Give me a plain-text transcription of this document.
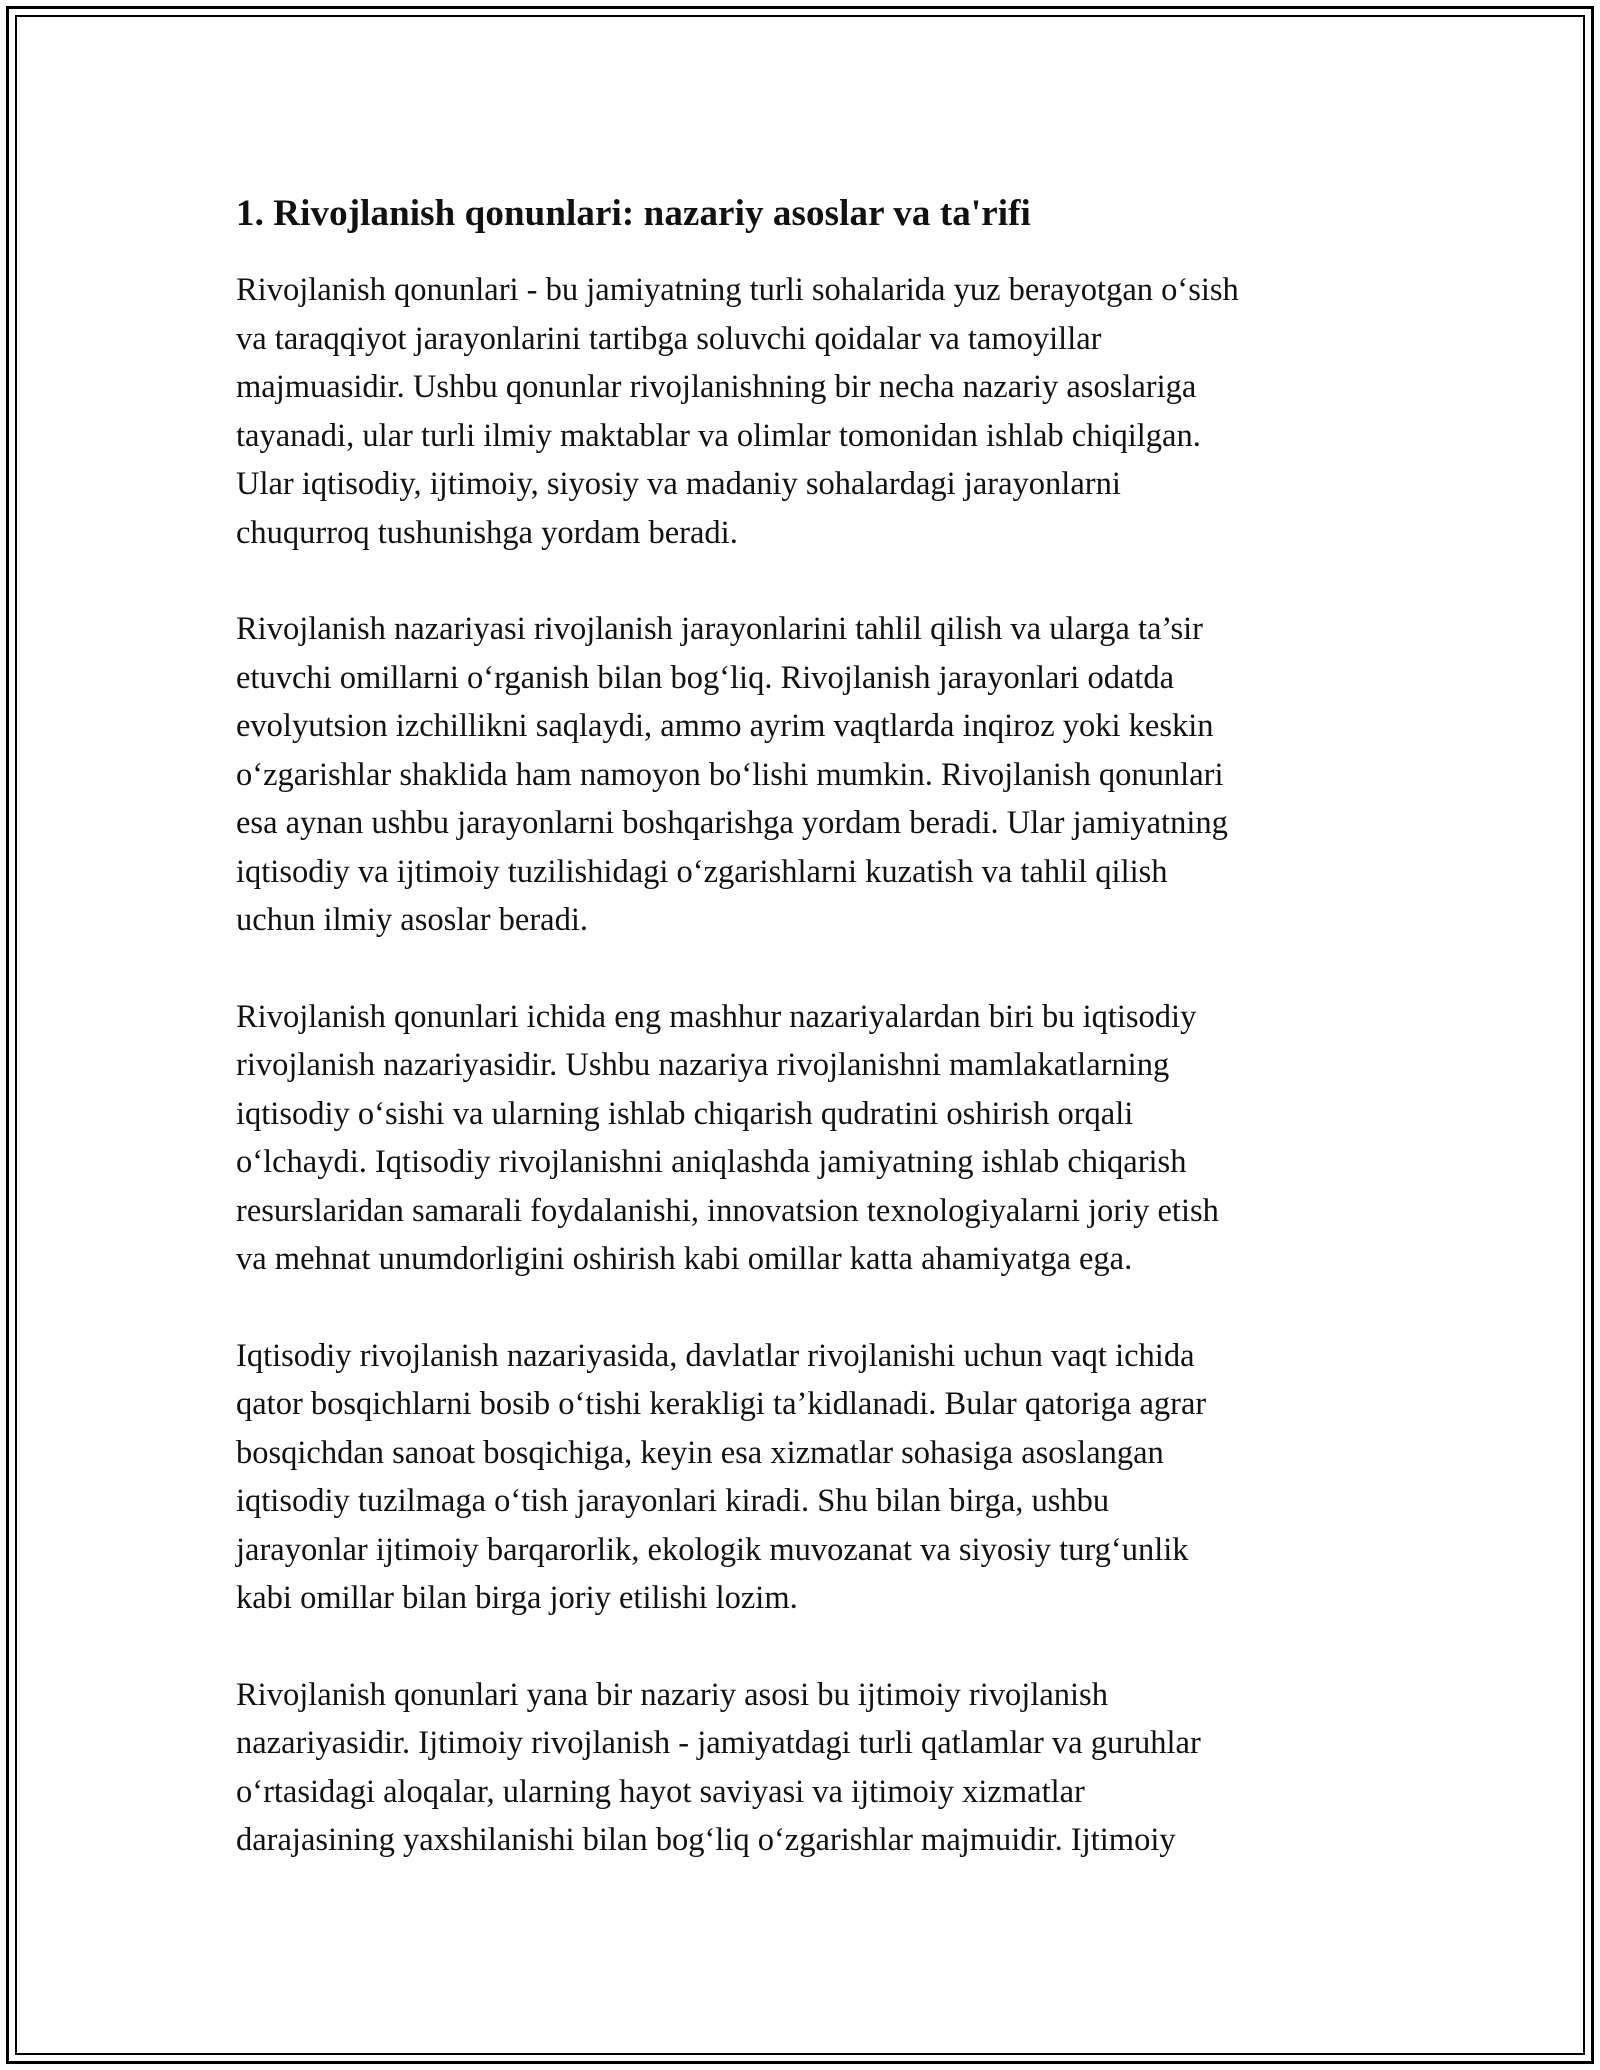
1. Rivojlanish qonunlari: nazariy asoslar va ta'rifi

Rivojlanish qonunlari - bu jamiyatning turli sohalarida yuz berayotgan o‘sish
va taraqqiyot jarayonlarini tartibga soluvchi qoidalar va tamoyillar
majmuasidir. Ushbu qonunlar rivojlanishning bir necha nazariy asoslariga
tayanadi, ular turli ilmiy maktablar va olimlar tomonidan ishlab chiqilgan.
Ular iqtisodiy, ijtimoiy, siyosiy va madaniy sohalardagi jarayonlarni
chuqurroq tushunishga yordam beradi.

Rivojlanish nazariyasi rivojlanish jarayonlarini tahlil qilish va ularga ta’sir
etuvchi omillarni o‘rganish bilan bog‘liq. Rivojlanish jarayonlari odatda
evolyutsion izchillikni saqlaydi, ammo ayrim vaqtlarda inqiroz yoki keskin
o‘zgarishlar shaklida ham namoyon bo‘lishi mumkin. Rivojlanish qonunlari
esa aynan ushbu jarayonlarni boshqarishga yordam beradi. Ular jamiyatning
iqtisodiy va ijtimoiy tuzilishidagi o‘zgarishlarni kuzatish va tahlil qilish
uchun ilmiy asoslar beradi.

Rivojlanish qonunlari ichida eng mashhur nazariyalardan biri bu iqtisodiy
rivojlanish nazariyasidir. Ushbu nazariya rivojlanishni mamlakatlarning
iqtisodiy o‘sishi va ularning ishlab chiqarish qudratini oshirish orqali
o‘lchaydi. Iqtisodiy rivojlanishni aniqlashda jamiyatning ishlab chiqarish
resurslaridan samarali foydalanishi, innovatsion texnologiyalarni joriy etish
va mehnat unumdorligini oshirish kabi omillar katta ahamiyatga ega.

Iqtisodiy rivojlanish nazariyasida, davlatlar rivojlanishi uchun vaqt ichida
qator bosqichlarni bosib o‘tishi kerakligi ta’kidlanadi. Bular qatoriga agrar
bosqichdan sanoat bosqichiga, keyin esa xizmatlar sohasiga asoslangan
iqtisodiy tuzilmaga o‘tish jarayonlari kiradi. Shu bilan birga, ushbu
jarayonlar ijtimoiy barqarorlik, ekologik muvozanat va siyosiy turg‘unlik
kabi omillar bilan birga joriy etilishi lozim.

Rivojlanish qonunlari yana bir nazariy asosi bu ijtimoiy rivojlanish
nazariyasidir. Ijtimoiy rivojlanish - jamiyatdagi turli qatlamlar va guruhlar
o‘rtasidagi aloqalar, ularning hayot saviyasi va ijtimoiy xizmatlar
darajasining yaxshilanishi bilan bog‘liq o‘zgarishlar majmuidir. Ijtimoiy
